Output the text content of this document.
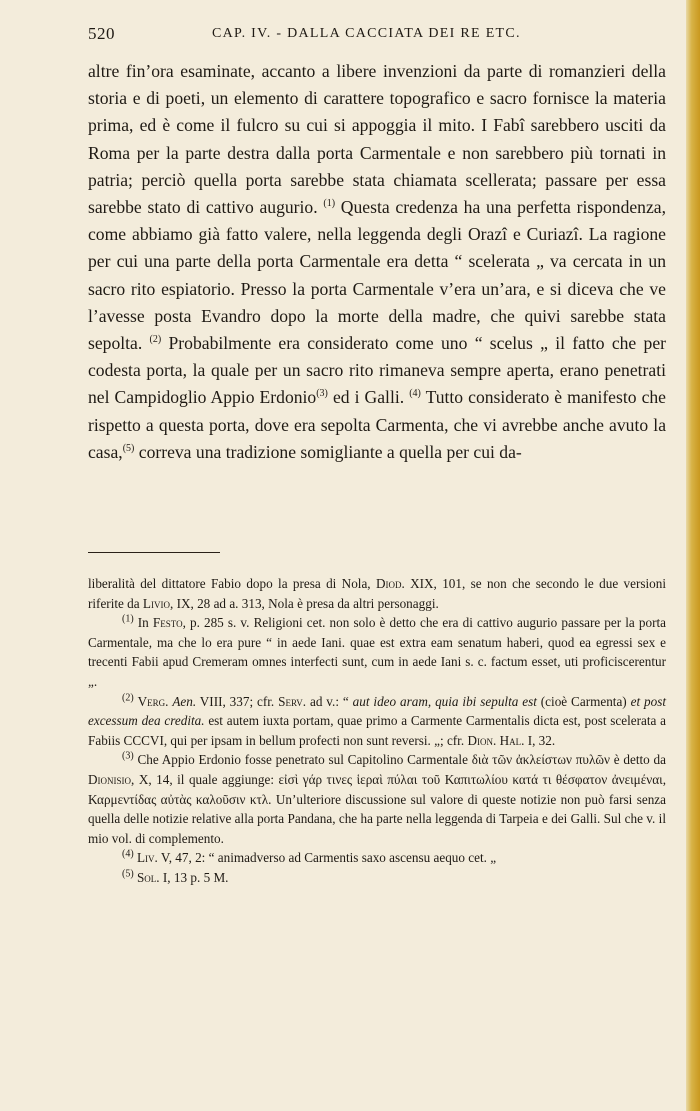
520	CAP. IV. - DALLA CACCIATA DEI RE ETC.

altre fin’ora esaminate, accanto a libere invenzioni da parte di romanzieri della storia e di poeti, un elemento di carattere topografico e sacro fornisce la materia prima, ed è come il fulcro su cui si appoggia il mito. I Fabî sarebbero usciti da Roma per la parte destra dalla porta Carmentale e non sarebbero più tornati in patria; perciò quella porta sarebbe stata chiamata scellerata; passare per essa sarebbe stato di cattivo augurio. $^{(1)}$ Questa credenza ha una perfetta rispondenza, come abbiamo già fatto valere, nella leggenda degli Orazî e Curiazî. La ragione per cui una parte della porta Carmentale era detta “ scelerata „ va cercata in un sacro rito espiatorio. Presso la porta Carmentale v’era un’ara, e si diceva che ve l’avesse posta Evandro dopo la morte della madre, che quivi sarebbe stata sepolta. $^{(2)}$ Probabilmente era considerato come uno “ scelus „ il fatto che per codesta porta, la quale per un sacro rito rimaneva sempre aperta, erano penetrati nel Campidoglio Appio Erdonio$^{(3)}$ ed i Galli. $^{(4)}$ Tutto considerato è manifesto che rispetto a questa porta, dove era sepolta Carmenta, che vi avrebbe anche avuto la casa,$^{(5)}$ correva una tradizione somigliante a quella per cui da-

liberalità del dittatore Fabio dopo la presa di Nola, Diod. XIX, 101, se non che secondo le due versioni riferite da Livio, IX, 28 ad a. 313, Nola è presa da altri personaggi.

$^{(1)}$ In Festo, p. 285 s. v. Religioni cet. non solo è detto che era di cattivo augurio passare per la porta Carmentale, ma che lo era pure “ in aede Iani. quae est extra eam senatum haberi, quod ea egressi sex e trecenti Fabii apud Cremeram omnes interfecti sunt, cum in aede Iani s. c. factum esset, uti proficiscerentur „.

$^{(2)}$ Verg. Aen. VIII, 337; cfr. Serv. ad v.: “ aut ideo aram, quia ibi sepulta est (cioè Carmenta) et post excessum dea credita. est autem iuxta portam, quae primo a Carmente Carmentalis dicta est, post scelerata a Fabiis CCCVI, qui per ipsam in bellum profecti non sunt reversi. „; cfr. Dion. Hal. I, 32.

$^{(3)}$ Che Appio Erdonio fosse penetrato sul Capitolino Carmentale διὰ τῶν ἀκλείστων πυλῶν è detto da Dionisio, X, 14, il quale aggiunge: εἰσὶ γάρ τινες ἱεραὶ πύλαι τοῦ Καπιτωλίου κατά τι θέσφατον ἀνειμέναι, Καρμεντίδας αὐτὰς καλοῦσιν κτλ. Un’ulteriore discussione sul valore di queste notizie non può farsi senza quella delle notizie relative alla porta Pandana, che ha parte nella leggenda di Tarpeia e dei Galli. Sul che v. il mio vol. di complemento.

$^{(4)}$ Liv. V, 47, 2: “ animadverso ad Carmentis saxo ascensu aequo cet. „

$^{(5)}$ Sol. I, 13 p. 5 M.
